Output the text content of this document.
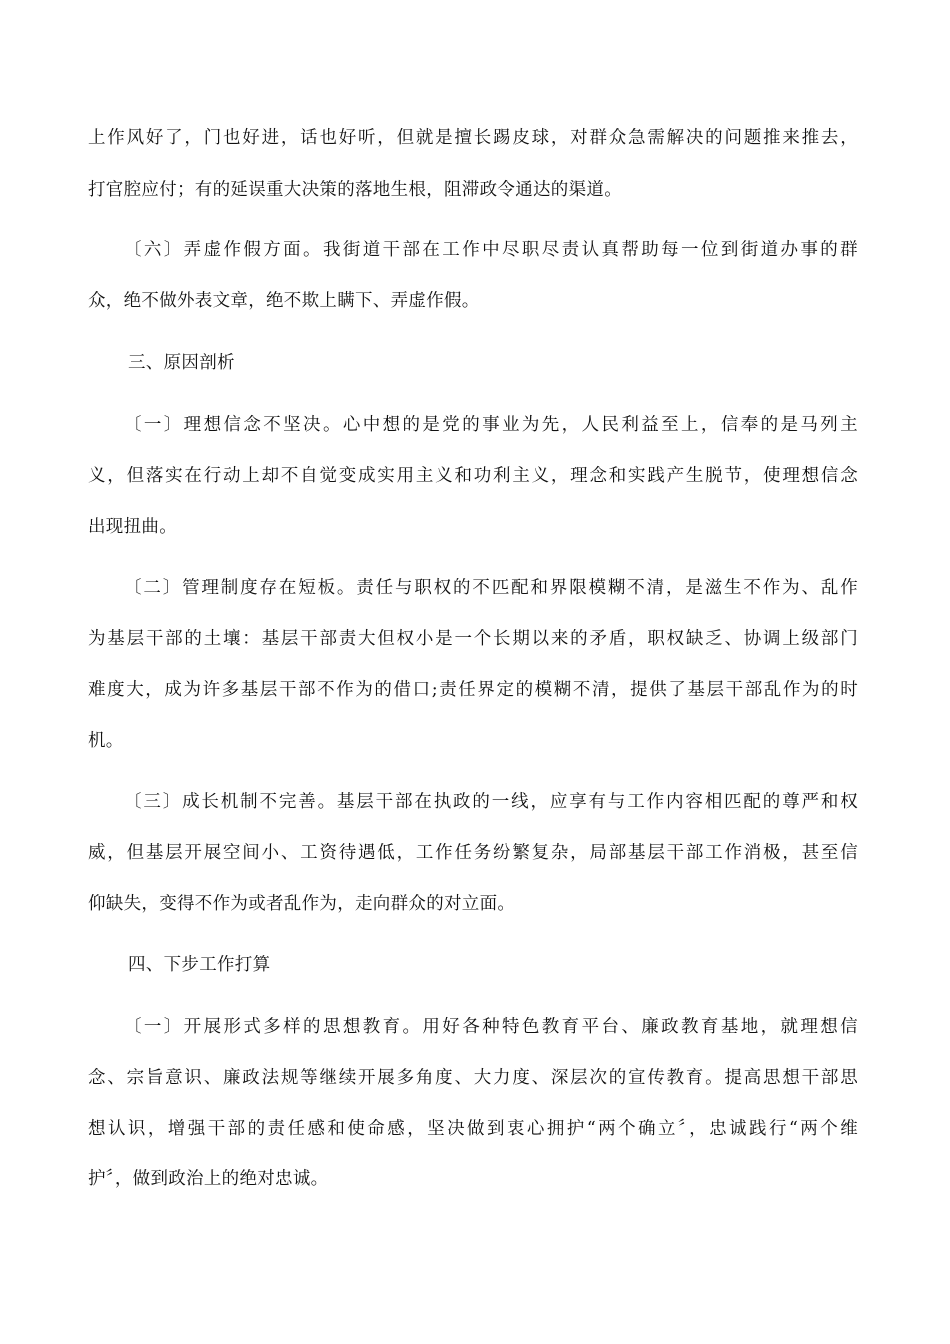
上作风好了，门也好进，话也好听，但就是擅长踢皮球，对群众急需解决的问题推来推去，
打官腔应付；有的延误重大决策的落地生根，阻滞政令通达的渠道。
〔六〕弄虚作假方面。我街道干部在工作中尽职尽责认真帮助每一位到街道办事的群
众，绝不做外表文章，绝不欺上瞒下、弄虚作假。
三、原因剖析
〔一〕理想信念不坚决。心中想的是党的事业为先，人民利益至上，信奉的是马列主
义，但落实在行动上却不自觉变成实用主义和功利主义，理念和实践产生脱节，使理想信念
出现扭曲。
〔二〕管理制度存在短板。责任与职权的不匹配和界限模糊不清，是滋生不作为、乱作
为基层干部的土壤：基层干部责大但权小是一个长期以来的矛盾，职权缺乏、协调上级部门
难度大，成为许多基层干部不作为的借口;责任界定的模糊不清，提供了基层干部乱作为的时
机。
〔三〕成长机制不完善。基层干部在执政的一线，应享有与工作内容相匹配的尊严和权
威，但基层开展空间小、工资待遇低，工作任务纷繁复杂，局部基层干部工作消极，甚至信
仰缺失，变得不作为或者乱作为，走向群众的对立面。
四、下步工作打算
〔一〕开展形式多样的思想教育。用好各种特色教育平台、廉政教育基地，就理想信
念、宗旨意识、廉政法规等继续开展多角度、大力度、深层次的宣传教育。提高思想干部思
想认识，增强干部的责任感和使命感，坚决做到衷心拥护“两个确立〞，忠诚践行“两个维
护〞，做到政治上的绝对忠诚。
